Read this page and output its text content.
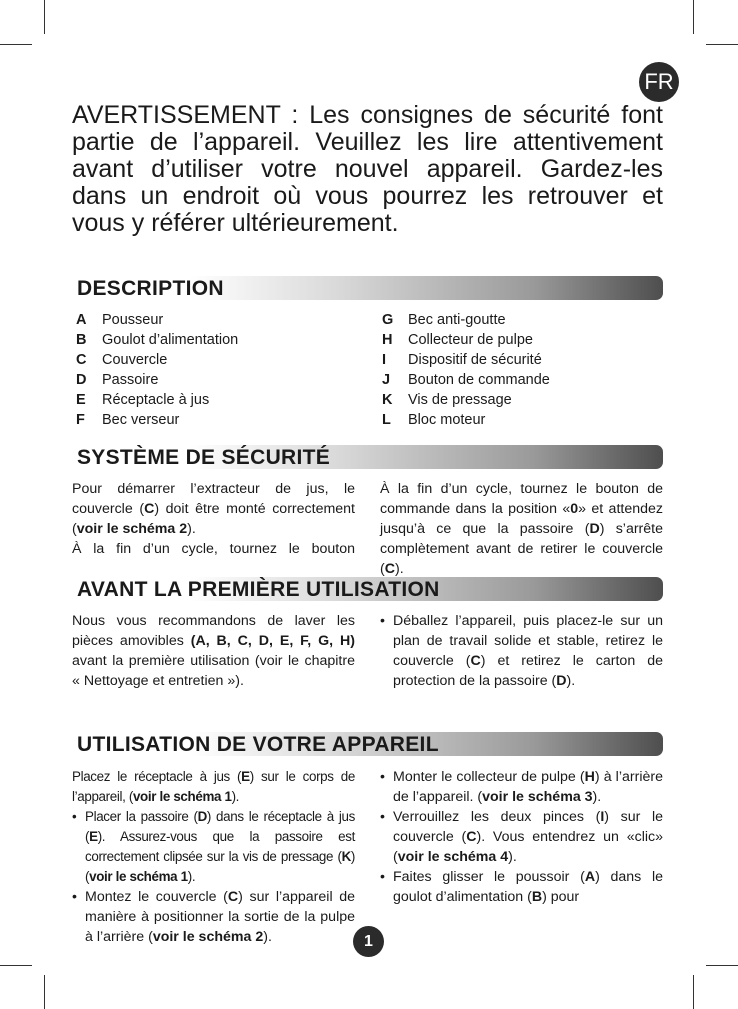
FR

AVERTISSEMENT : Les consignes de sécurité font partie de l’appareil. Veuillez les lire attentivement avant d’utiliser votre nouvel appareil. Gardez-les dans un endroit où vous pourrez les retrouver et vous y référer ultérieurement.

DESCRIPTION
A Pousseur
B Goulot d’alimentation
C Couvercle
D Passoire
E Réceptacle à jus
F Bec verseur
G Bec anti-goutte
H Collecteur de pulpe
I Dispositif de sécurité
J Bouton de commande
K Vis de pressage
L Bloc moteur
SYSTÈME DE SÉCURITÉ

Pour démarrer l’extracteur de jus, le couvercle (C) doit être monté correctement (voir le schéma 2).

À la fin d’un cycle, tournez le bouton

À la fin d’un cycle, tournez le bouton de commande dans la position «0» et attendez jusqu’à ce que la passoire (D) s’arrête complètement avant de retirer le couvercle (C).

AVANT LA PREMIÈRE UTILISATION

Nous vous recommandons de laver les pièces amovibles (A, B, C, D, E, F, G, H) avant la première utilisation (voir le chapitre « Nettoyage et entretien »).

• Déballez l’appareil, puis placez-le sur un plan de travail solide et stable, retirez le couvercle (C) et retirez le carton de protection de la passoire (D).
UTILISATION DE VOTRE APPAREIL

Placez le réceptacle à jus (E) sur le corps de l’appareil, (voir le schéma 1).

• Placer la passoire (D) dans le réceptacle à jus (E). Assurez-vous que la passoire est correctement clipsée sur la vis de pressage (K) (voir le schéma 1).
• Montez le couvercle (C) sur l’appareil de manière à positionner la sortie de la pulpe à l’arrière (voir le schéma 2).
• Monter le collecteur de pulpe (H) à l’arrière de l’appareil. (voir le schéma 3).
• Verrouillez les deux pinces (I) sur le couvercle (C). Vous entendrez un «clic» (voir le schéma 4).
• Faites glisser le poussoir (A) dans le goulot d’alimentation (B) pour
1
